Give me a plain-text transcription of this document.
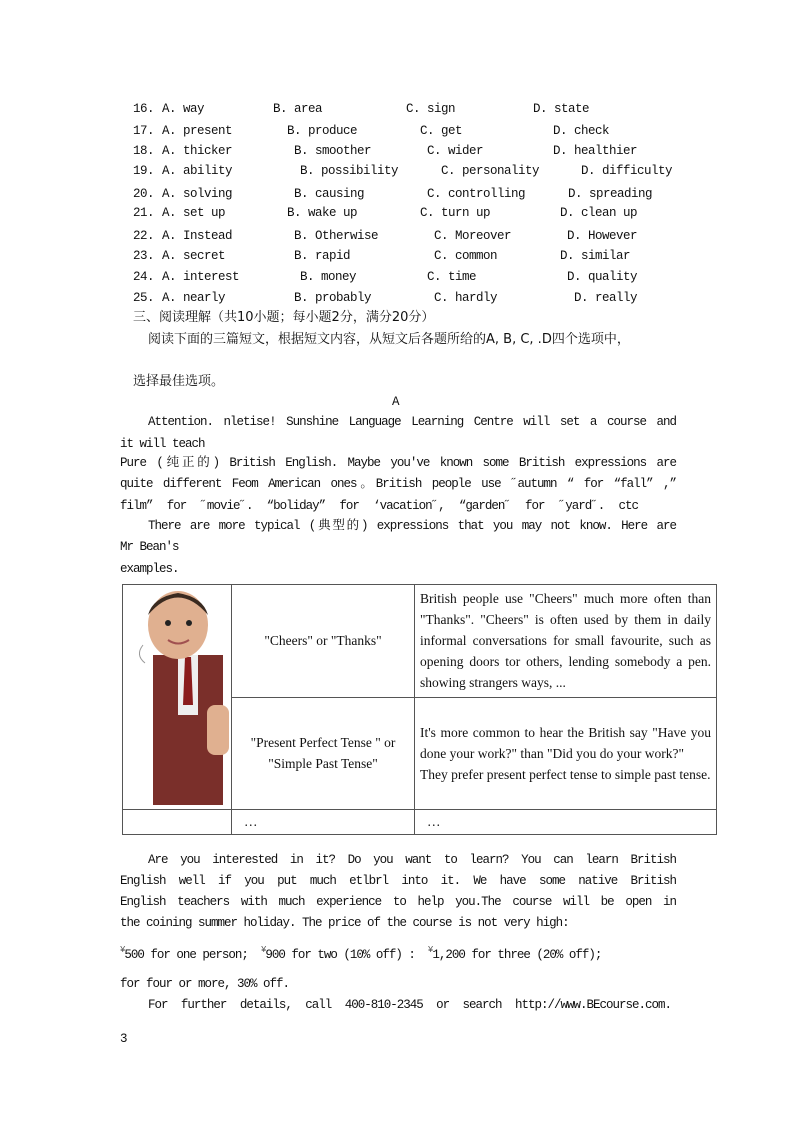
16. A. way	B. area	C. sign	D. state
17. A. present	B. produce	C. get	D. check
18. A. thicker	B. smoother	C. wider	D. healthier
19. A. ability	B. possibility	C. personality	D. difficulty
20. A. solving	B. causing	C. controlling	D. spreading
21. A. set up	B. wake up	C. turn up	D. clean up
22. A. Instead	B. Otherwise	C. Moreover	D. However
23. A. secret	B. rapid	C. common	D. similar
24. A. interest	B. money	C. time	D. quality
25. A. nearly	B. probably	C. hardly	D. really
三、阅读理解（共10小题；每小题2分，满分20分）
阅读下面的三篇短文，根据短文内容，从短文后各题所给的A, B, C, .D四个选项中，
选择最佳选项。
A
Attention. nletise! Sunshine Language Learning Centre will set a course and
it will teach
Pure (纯正的) British English. Maybe you've known some British expressions are
quite different Feom American ones。British people use ˝autumn “ for “fall” ,”
film” for ˝movie˝. “boliday” for ‘vacation˝, “garden˝ for ˝yard˝. ctc
There are more typical (典型的) expressions that you may not know. Here are
Mr Bean's
examples.
	"Cheers" or "Thanks"	British people use "Cheers" much more often than "Thanks". "Cheers" is often used by them in daily informal conversations for small favourite, such as opening doors tor others, lending somebody a pen. showing strangers ways, ...
	"Present Perfect Tense " or "Simple Past Tense"	It's more common to hear the British say "Have you done your work?" than "Did you do your work?"
They prefer present perfect tense to simple past tense.

	…	…
Are you interested in it? Do you want to learn? You can learn British
English well if you put much etlbrl into it. We have some native British
English teachers with much experience to help you.The course will be open in
the coining summer holiday. The price of the course is not very high:
¥500 for one person; ¥900 for two (10% off) : ¥1,200 for three (20% off);
for four or more, 30% off.
For further details, call 400-810-2345 or search http://www.BEcourse.com.
3
